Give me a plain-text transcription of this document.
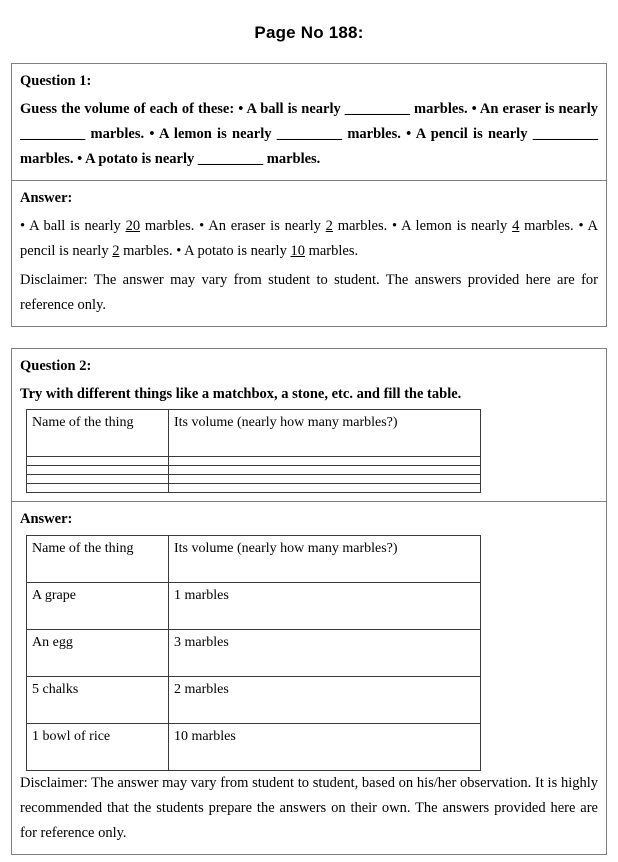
Page No 188:
Question 1:

Guess the volume of each of these: • A ball is nearly _________ marbles. • An eraser is nearly _________ marbles. • A lemon is nearly _________ marbles. • A pencil is nearly _________ marbles. • A potato is nearly _________ marbles.

Answer:

• A ball is nearly 20 marbles. • An eraser is nearly 2 marbles. • A lemon is nearly 4 marbles. • A pencil is nearly 2 marbles. • A potato is nearly 10 marbles.

Disclaimer: The answer may vary from student to student. The answers provided here are for reference only.

Question 2:

Try with different things like a matchbox, a stone, etc. and fill the table.

Name of the thing	Its volume (nearly how many marbles?)

Answer:
Name of the thing	Its volume (nearly how many marbles?)
A grape	1 marbles
An egg	3 marbles
5 chalks	2 marbles
1 bowl of rice	10 marbles

Disclaimer: The answer may vary from student to student, based on his/her observation. It is highly recommended that the students prepare the answers on their own. The answers provided here are for reference only.
